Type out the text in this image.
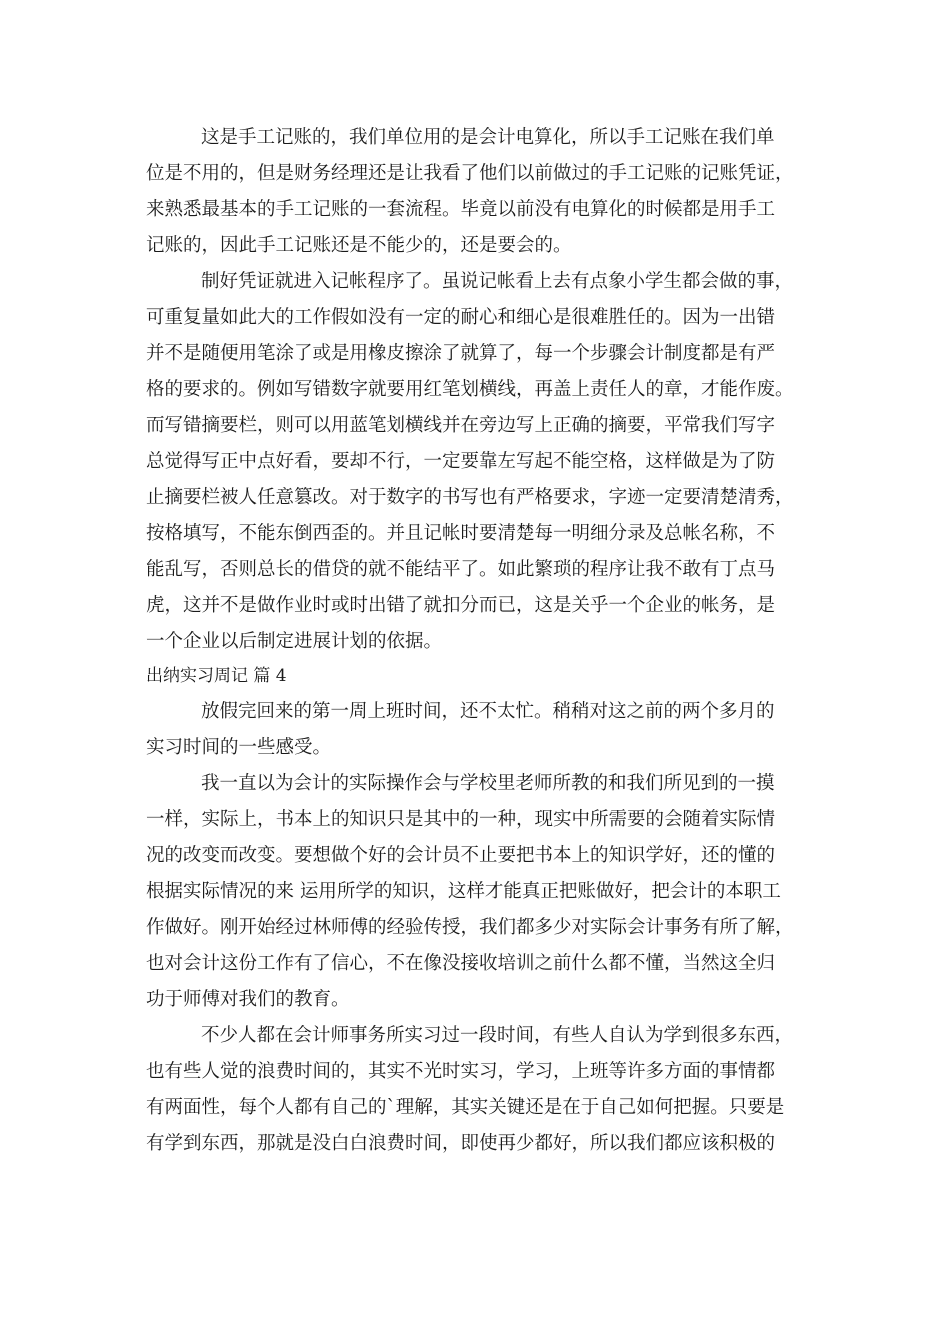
这是手工记账的，我们单位用的是会计电算化，所以手工记账在我们单
位是不用的，但是财务经理还是让我看了他们以前做过的手工记账的记账凭证，
来熟悉最基本的手工记账的一套流程。毕竟以前没有电算化的时候都是用手工
记账的，因此手工记账还是不能少的，还是要会的。
制好凭证就进入记帐程序了。虽说记帐看上去有点象小学生都会做的事，
可重复量如此大的工作假如没有一定的耐心和细心是很难胜任的。因为一出错
并不是随便用笔涂了或是用橡皮擦涂了就算了，每一个步骤会计制度都是有严
格的要求的。例如写错数字就要用红笔划横线，再盖上责任人的章，才能作废。
而写错摘要栏，则可以用蓝笔划横线并在旁边写上正确的摘要，平常我们写字
总觉得写正中点好看，要却不行，一定要靠左写起不能空格，这样做是为了防
止摘要栏被人任意篡改。对于数字的书写也有严格要求，字迹一定要清楚清秀，
按格填写，不能东倒西歪的。并且记帐时要清楚每一明细分录及总帐名称，不
能乱写，否则总长的借贷的就不能结平了。如此繁琐的程序让我不敢有丁点马
虎，这并不是做作业时或时出错了就扣分而已，这是关乎一个企业的帐务，是
一个企业以后制定进展计划的依据。
出纳实习周记 篇 4
放假完回来的第一周上班时间，还不太忙。稍稍对这之前的两个多月的
实习时间的一些感受。
我一直以为会计的实际操作会与学校里老师所教的和我们所见到的一摸
一样，实际上，书本上的知识只是其中的一种，现实中所需要的会随着实际情
况的改变而改变。要想做个好的会计员不止要把书本上的知识学好，还的懂的
根据实际情况的来 运用所学的知识，这样才能真正把账做好，把会计的本职工
作做好。刚开始经过林师傅的经验传授，我们都多少对实际会计事务有所了解，
也对会计这份工作有了信心，不在像没接收培训之前什么都不懂，当然这全归
功于师傅对我们的教育。
不少人都在会计师事务所实习过一段时间，有些人自认为学到很多东西，
也有些人觉的浪费时间的，其实不光时实习，学习，上班等许多方面的事情都
有两面性，每个人都有自己的`理解，其实关键还是在于自己如何把握。只要是
有学到东西，那就是没白白浪费时间，即使再少都好，所以我们都应该积极的
